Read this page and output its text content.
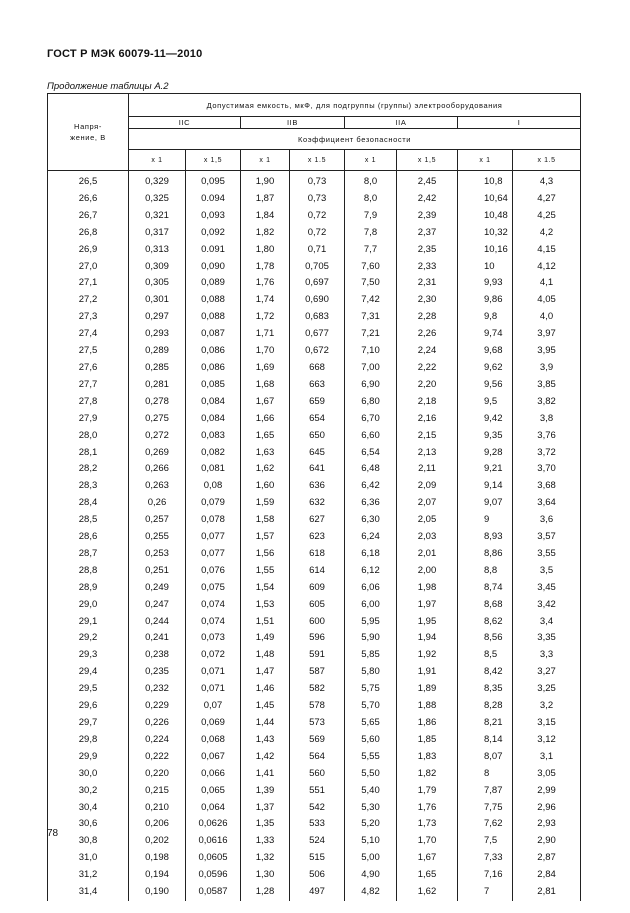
ГОСТ Р МЭК 60079-11—2010
Продолжение таблицы А.2
Напря-
жение, В	Допустимая емкость, мкФ, для подгруппы (группы) электрооборудования							
	IIC		IIB		IIA		I	
	Коэффициент безопасности							
	x 1	x 1,5	x 1	x 1.5	x 1	x 1,5	x 1	x 1.5
26,5	0,329	0,095	1,90	0,73	8,0	2,45	10,8	4,3
26,6	0,325	0.094	1,87	0,73	8,0	2,42	10,64	4,27
26,7	0,321	0,093	1,84	0,72	7,9	2,39	10,48	4,25
26,8	0,317	0,092	1,82	0,72	7,8	2,37	10,32	4,2
26,9	0,313	0.091	1,80	0,71	7,7	2,35	10,16	4,15
27,0	0,309	0,090	1,78	0,705	7,60	2,33	10	4,12
27,1	0,305	0,089	1,76	0,697	7,50	2,31	9,93	4,1
27,2	0,301	0,088	1,74	0,690	7,42	2,30	9,86	4,05
27,3	0,297	0,088	1,72	0,683	7,31	2,28	9,8	4,0
27,4	0,293	0,087	1,71	0,677	7,21	2,26	9,74	3,97
27,5	0,289	0,086	1,70	0,672	7,10	2,24	9,68	3,95
27,6	0,285	0,086	1,69	668	7,00	2,22	9,62	3,9
27,7	0,281	0,085	1,68	663	6,90	2,20	9,56	3,85
27,8	0,278	0,084	1,67	659	6,80	2,18	9,5	3,82
27,9	0,275	0,084	1,66	654	6,70	2,16	9,42	3,8
28,0	0,272	0,083	1,65	650	6,60	2,15	9,35	3,76
28,1	0,269	0,082	1,63	645	6,54	2,13	9,28	3,72
28,2	0,266	0,081	1,62	641	6,48	2,11	9,21	3,70
28,3	0,263	0,08	1,60	636	6,42	2,09	9,14	3,68
28,4	0,26	0,079	1,59	632	6,36	2,07	9,07	3,64
28,5	0,257	0,078	1,58	627	6,30	2,05	9	3,6
28,6	0,255	0,077	1,57	623	6,24	2,03	8,93	3,57
28,7	0,253	0,077	1,56	618	6,18	2,01	8,86	3,55
28,8	0,251	0,076	1,55	614	6,12	2,00	8,8	3,5
28,9	0,249	0,075	1,54	609	6,06	1,98	8,74	3,45
29,0	0,247	0,074	1,53	605	6,00	1,97	8,68	3,42
29,1	0,244	0,074	1,51	600	5,95	1,95	8,62	3,4
29,2	0,241	0,073	1,49	596	5,90	1,94	8,56	3,35
29,3	0,238	0,072	1,48	591	5,85	1,92	8,5	3,3
29,4	0,235	0,071	1,47	587	5,80	1,91	8,42	3,27
29,5	0,232	0,071	1,46	582	5,75	1,89	8,35	3,25
29,6	0,229	0,07	1,45	578	5,70	1,88	8,28	3,2
29,7	0,226	0,069	1,44	573	5,65	1,86	8,21	3,15
29,8	0,224	0,068	1,43	569	5,60	1,85	8,14	3,12
29,9	0,222	0,067	1,42	564	5,55	1,83	8,07	3,1
30,0	0,220	0,066	1,41	560	5,50	1,82	8	3,05
30,2	0,215	0,065	1,39	551	5,40	1,79	7,87	2,99
30,4	0,210	0,064	1,37	542	5,30	1,76	7,75	2,96
30,6	0,206	0,0626	1,35	533	5,20	1,73	7,62	2,93
30,8	0,202	0,0616	1,33	524	5,10	1,70	7,5	2,90
31,0	0,198	0,0605	1,32	515	5,00	1,67	7,33	2,87
31,2	0,194	0,0596	1,30	506	4,90	1,65	7,16	2,84
31,4	0,190	0,0587	1,28	497	4,82	1,62	7	2,81
78
